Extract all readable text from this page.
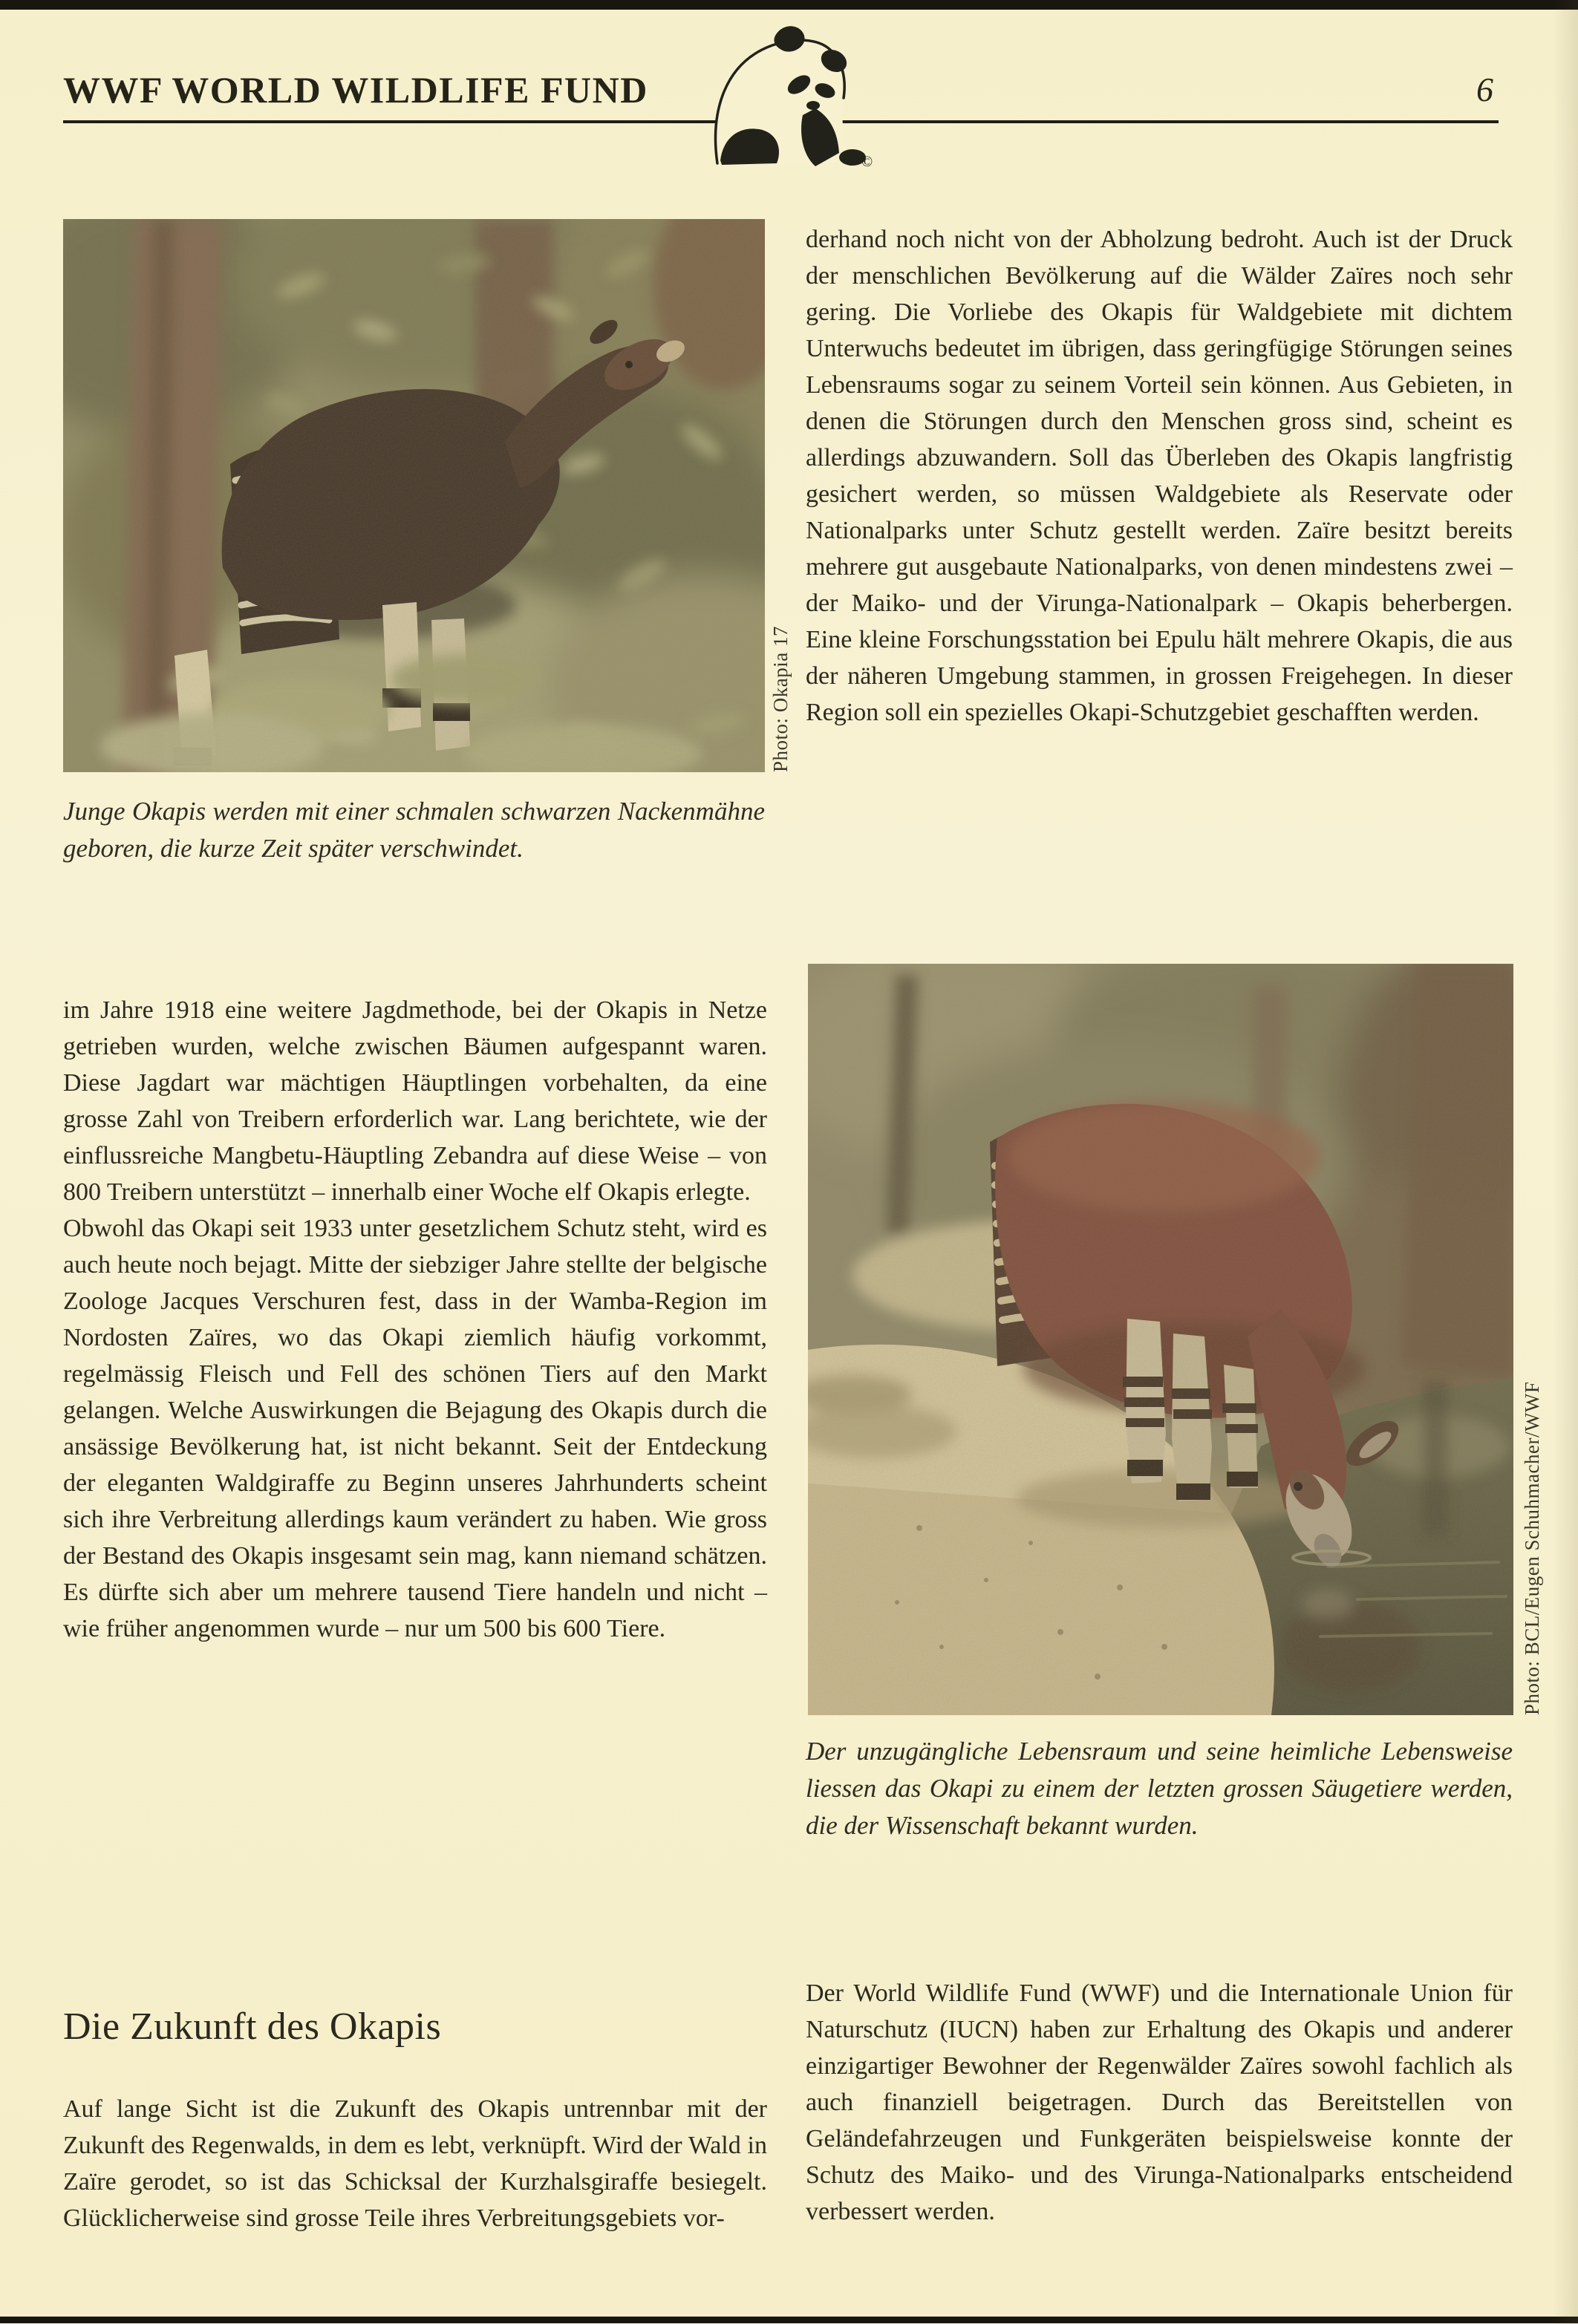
WWF WORLD WILDLIFE FUND	6
©
Photo: Okapia 17
Junge Okapis werden mit einer schmalen schwarzen Nackenmähne geboren, die kurze Zeit später verschwindet.

im Jahre 1918 eine weitere Jagdmethode, bei der Okapis in Netze getrieben wurden, welche zwischen Bäumen aufgespannt waren. Diese Jagdart war mächtigen Häuptlingen vorbehalten, da eine grosse Zahl von Treibern erforderlich war. Lang berichtete, wie der einflussreiche Mangbetu-Häuptling Zebandra auf diese Weise – von 800 Treibern unterstützt – innerhalb einer Woche elf Okapis erlegte.

Obwohl das Okapi seit 1933 unter gesetzlichem Schutz steht, wird es auch heute noch bejagt. Mitte der siebziger Jahre stellte der belgische Zoologe Jacques Verschuren fest, dass in der Wamba-Region im Nordosten Zaïres, wo das Okapi ziemlich häufig vorkommt, regelmässig Fleisch und Fell des schönen Tiers auf den Markt gelangen. Welche Auswirkungen die Bejagung des Okapis durch die ansässige Bevölkerung hat, ist nicht bekannt. Seit der Entdeckung der eleganten Waldgiraffe zu Beginn unseres Jahrhunderts scheint sich ihre Verbreitung allerdings kaum verändert zu haben. Wie gross der Bestand des Okapis insgesamt sein mag, kann niemand schätzen. Es dürfte sich aber um mehrere tausend Tiere handeln und nicht – wie früher angenommen wurde – nur um 500 bis 600 Tiere.

Die Zukunft des Okapis

Auf lange Sicht ist die Zukunft des Okapis untrennbar mit der Zukunft des Regenwalds, in dem es lebt, verknüpft. Wird der Wald in Zaïre gerodet, so ist das Schicksal der Kurzhalsgiraffe besiegelt. Glücklicherweise sind grosse Teile ihres Verbreitungsgebiets vor-

derhand noch nicht von der Abholzung bedroht. Auch ist der Druck der menschlichen Bevölkerung auf die Wälder Zaïres noch sehr gering. Die Vorliebe des Okapis für Waldgebiete mit dichtem Unterwuchs bedeutet im übrigen, dass geringfügige Störungen seines Lebensraums sogar zu seinem Vorteil sein können. Aus Gebieten, in denen die Störungen durch den Menschen gross sind, scheint es allerdings abzuwandern. Soll das Überleben des Okapis langfristig gesichert werden, so müssen Waldgebiete als Reservate oder Nationalparks unter Schutz gestellt werden. Zaïre besitzt bereits mehrere gut ausgebaute Nationalparks, von denen mindestens zwei – der Maiko- und der Virunga-Nationalpark – Okapis beherbergen. Eine kleine Forschungsstation bei Epulu hält mehrere Okapis, die aus der näheren Umgebung stammen, in grossen Freigehegen. In dieser Region soll ein spezielles Okapi-Schutzgebiet geschafften werden.

Photo: BCL/Eugen Schuhmacher/WWF
Der unzugängliche Lebensraum und seine heimliche Lebensweise liessen das Okapi zu einem der letzten grossen Säugetiere werden, die der Wissenschaft bekannt wurden.

Der World Wildlife Fund (WWF) und die Internationale Union für Naturschutz (IUCN) haben zur Erhaltung des Okapis und anderer einzigartiger Bewohner der Regenwälder Zaïres sowohl fachlich als auch finanziell beigetragen. Durch das Bereitstellen von Geländefahrzeugen und Funkgeräten beispielsweise konnte der Schutz des Maiko- und des Virunga-Nationalparks entscheidend verbessert werden.
